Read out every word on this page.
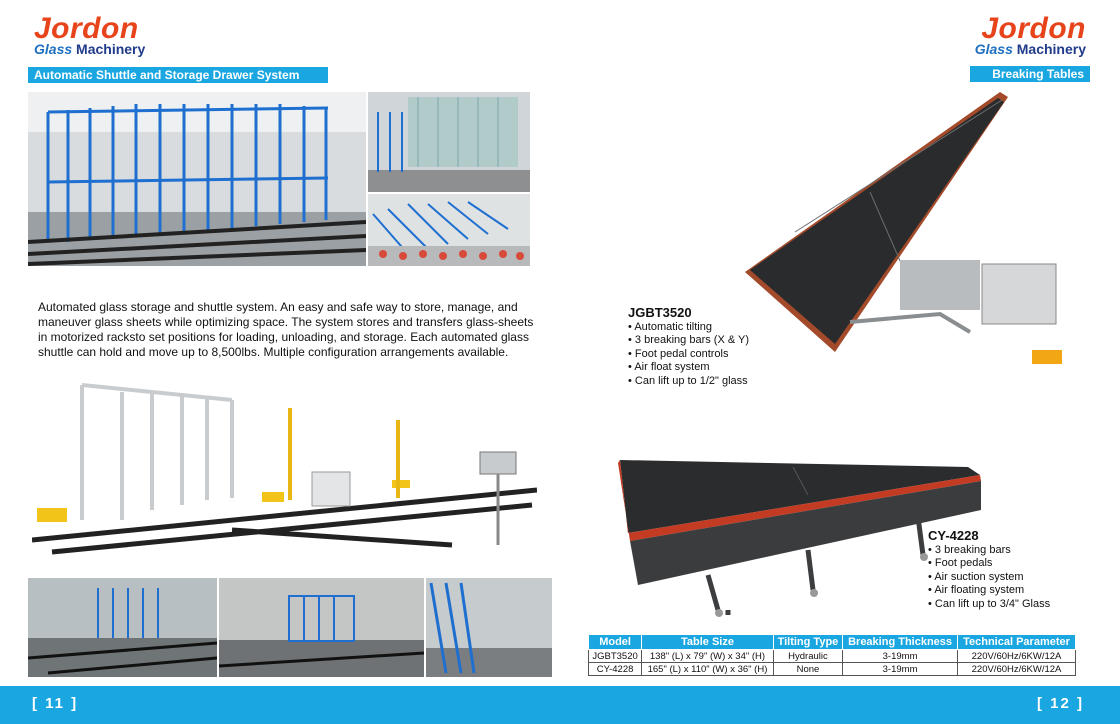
Jordon
Glass Machinery
Jordon
Glass Machinery
Automatic Shuttle and Storage Drawer System	Breaking Tables
Automated glass storage and shuttle system. An easy and safe way to store, manage, and maneuver glass sheets while optimizing space. The system stores and transfers glass-sheets in motorized racksto set positions for loading, unloading, and storage. Each automated glass shuttle can hold and move up to 8,500lbs. Multiple configuration arrangements available.
JGBT3520
• Automatic tilting
• 3 breaking bars (X & Y)
• Foot pedal controls
• Air float system
• Can lift up to 1/2" glass
CY-4228
• 3 breaking bars
• Foot pedals
• Air suction system
• Air floating system
• Can lift up to 3/4" Glass
Model	Table Size	Tilting Type	Breaking Thickness	Technical Parameter
JGBT3520	138" (L) x 79" (W) x 34" (H)	Hydraulic	3-19mm	220V/60Hz/6KW/12A
CY-4228	165" (L) x 110" (W) x 36" (H)	None	3-19mm	220V/60Hz/6KW/12A
[ 11 ]	[ 12 ]
